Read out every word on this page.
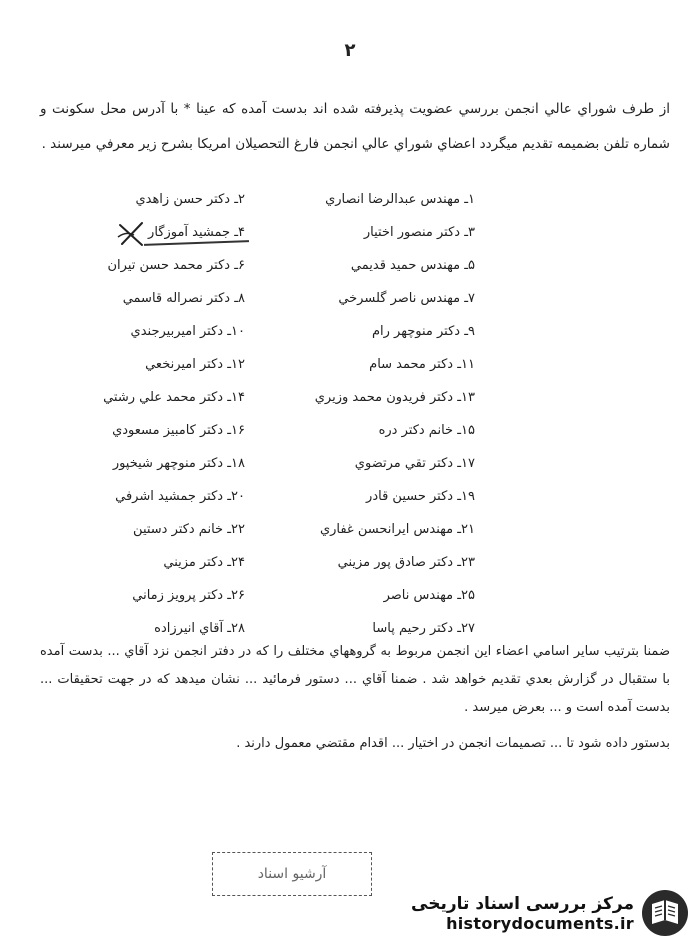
۲
از طرف شوراي عالي انجمن بررسي عضويت پذيرفته شده اند بدست آمده كه عينا * با آدرس محل سكونت و شماره تلفن بضميمه تقديم ميگردد اعضاي شوراي عالي انجمن فارغ التحصيلان امريكا بشرح زير معرفي ميرسند .
۱ـ مهندس عبدالرضا انصاري
۲ـ دكتر حسن زاهدي
۳ـ دكتر منصور اختيار
۴ـ جمشيد آموزگار
۵ـ مهندس حميد قديمي
۶ـ دكتر محمد حسن تيران
۷ـ مهندس ناصر گلسرخي
۸ـ دكتر نصراله قاسمي
۹ـ دكتر منوچهر رام
۱۰ـ دكتر اميربيرجندي
۱۱ـ دكتر محمد سام
۱۲ـ دكتر اميرنخعي
۱۳ـ دكتر فريدون محمد وزيري
۱۴ـ دكتر محمد علي رشتي
۱۵ـ خانم دكتر دره
۱۶ـ دكتر كامبيز مسعودي
۱۷ـ دكتر تقي مرتضوي
۱۸ـ دكتر منوچهر شيخپور
۱۹ـ دكتر حسين قادر
۲۰ـ دكتر جمشيد اشرفي
۲۱ـ مهندس ايرانحسن غفاري
۲۲ـ خانم دكتر دستين
۲۳ـ دكتر صادق پور مزيني
۲۴ـ دكتر مزيني
۲۵ـ مهندس ناصر
۲۶ـ دكتر پرويز زماني
۲۷ـ دكتر رحيم پاسا
۲۸ـ آقاي انيرزاده

ضمنا بترتيب ساير اسامي اعضاء اين انجمن مربوط به گروههاي مختلف را كه در دفتر انجمن نزد آقاي ... بدست آمده با ستقبال در گزارش بعدي تقديم خواهد شد . ضمنا آقاي ... دستور فرمائيد ... نشان ميدهد كه در جهت تحقيقات ... بدست آمده است و ... بعرض ميرسد .

بدستور داده شود تا ... تصميمات انجمن در اختيار ... اقدام مقتضي معمول دارند .

آرشيو اسناد
مرکز بررسی اسناد تاریخی
historydocuments.ir
